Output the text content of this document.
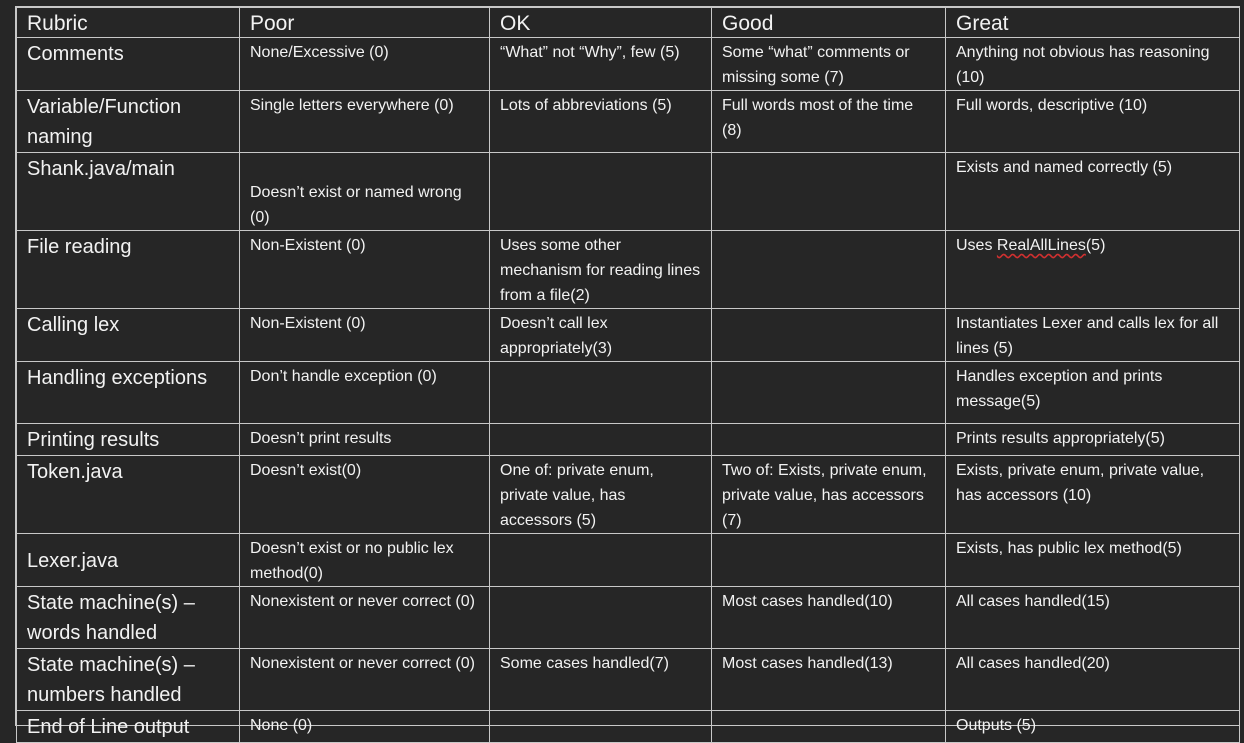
Rubric	Poor	OK	Good	Great
Comments	None/Excessive (0)	“What” not “Why”, few (5)	Some “what” comments or missing some (7)	Anything not obvious has reasoning (10)
Variable/Function naming	Single letters everywhere (0)	Lots of abbreviations (5)	Full words most of the time (8)	Full words, descriptive (10)
Shank.java/main	Doesn’t exist or named wrong (0)			Exists and named correctly (5)
File reading	Non-Existent (0)	Uses some other mechanism for reading lines from a file(2)		Uses RealAllLines(5)
Calling lex	Non-Existent (0)	Doesn’t call lex appropriately(3)		Instantiates Lexer and calls lex for all lines (5)
Handling exceptions	Don’t handle exception (0)			Handles exception and prints message(5)
Printing results	Doesn’t print results			Prints results appropriately(5)
Token.java	Doesn’t exist(0)	One of: private enum, private value, has accessors (5)	Two of: Exists, private enum, private value, has accessors (7)	Exists, private enum, private value, has accessors (10)
Lexer.java	Doesn’t exist or no public lex method(0)			Exists, has public lex method(5)
State machine(s) – words handled	Nonexistent or never correct (0)		Most cases handled(10)	All cases handled(15)
State machine(s) – numbers handled	Nonexistent or never correct (0)	Some cases handled(7)	Most cases handled(13)	All cases handled(20)
End of Line output	None (0)			Outputs (5)
